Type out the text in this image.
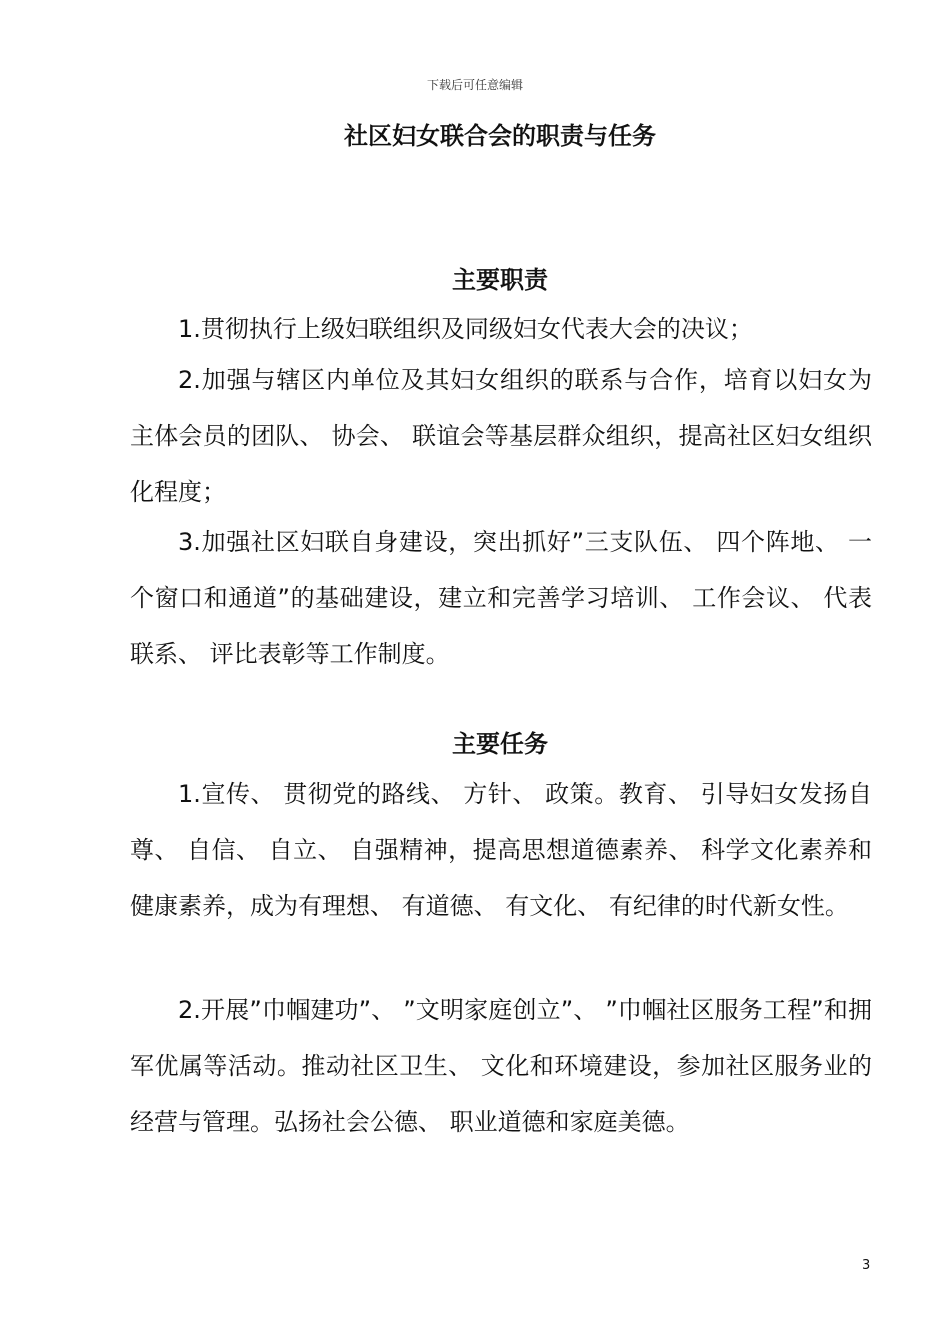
下载后可任意编辑
社区妇女联合会的职责与任务
主要职责

1.贯彻执行上级妇联组织及同级妇女代表大会的决议；

2.加强与辖区内单位及其妇女组织的联系与合作，培育以妇女为主体会员的团队、 协会、 联谊会等基层群众组织，提高社区妇女组织化程度；

3.加强社区妇联自身建设，突出抓好”三支队伍、 四个阵地、 一个窗口和通道”的基础建设，建立和完善学习培训、 工作会议、 代表联系、 评比表彰等工作制度。

主要任务

1.宣传、 贯彻党的路线、 方针、 政策。教育、 引导妇女发扬自尊、 自信、 自立、 自强精神，提高思想道德素养、 科学文化素养和健康素养，成为有理想、 有道德、 有文化、 有纪律的时代新女性。

2.开展”巾帼建功”、 ”文明家庭创立”、 ”巾帼社区服务工程”和拥军优属等活动。推动社区卫生、 文化和环境建设，参加社区服务业的经营与管理。弘扬社会公德、 职业道德和家庭美德。

3
